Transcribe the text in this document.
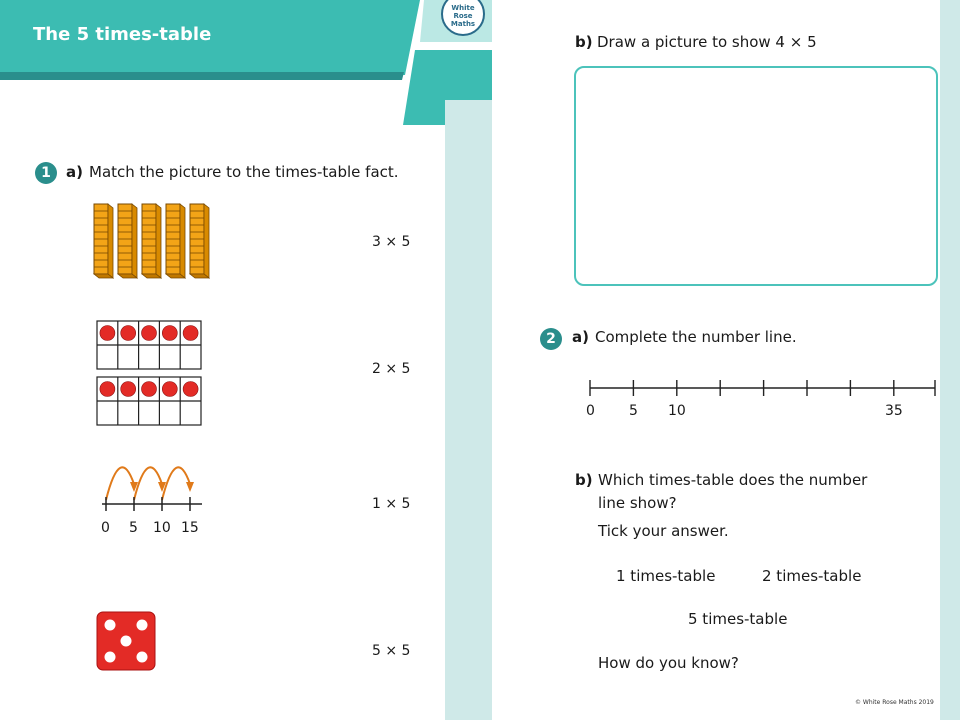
The 5 times-table
White
Rose
Maths
1	a) Match the picture to the times-table fact.
3 × 5
2 × 5
0 5 10 15
1 × 5
5 × 5
b) Draw a picture to show 4 × 5
2	a) Complete the number line.
0 5 10	35
b) Which times-table does the number
line show?
Tick your answer.
1 times-table	2 times-table
5 times-table
How do you know?
© White Rose Maths 2019
